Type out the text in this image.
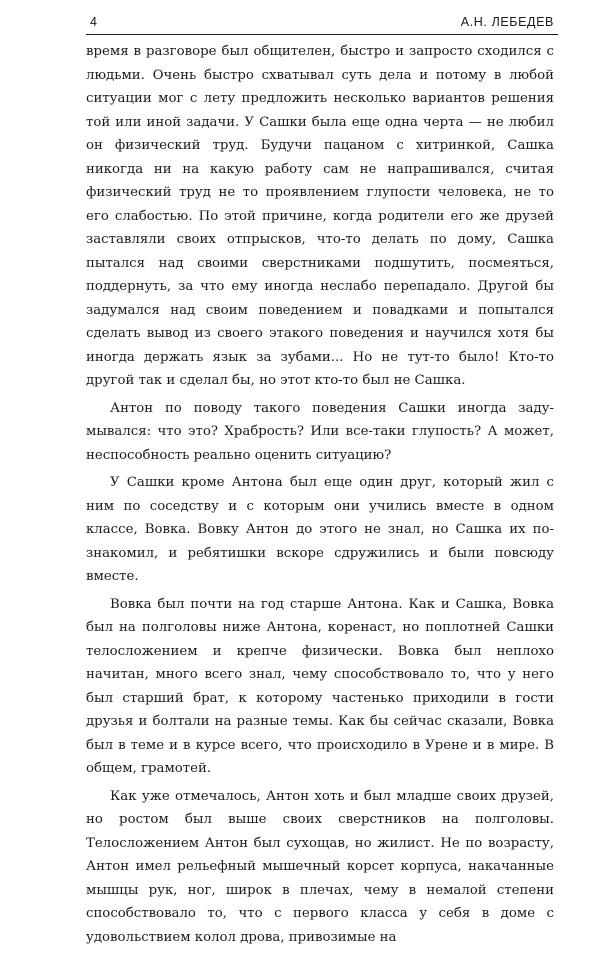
4	А.Н. ЛЕБЕДЕВ

время в разговоре был общителен, быстро и запросто сходился с людьми. Очень быстро схватывал суть дела и потому в любой ситуации мог с лету предложить несколько вариантов решения той или иной задачи. У Сашки была еще одна черта — не любил он физический труд. Будучи пацаном с хитринкой, Сашка никогда ни на какую работу сам не напрашивался, считая физический труд не то проявлением глупости человека, не то его слабостью. По этой причине, когда родители его же друзей заставляли своих отпрысков, что-то делать по дому, Сашка пытался над своими сверстниками подшутить, посмеяться, поддернуть, за что ему иногда неслабо перепадало. Другой бы задумался над своим поведением и повадками и попытался сделать вывод из своего этакого поведения и научился хотя бы иногда держать язык за зубами... Но не тут-то было! Кто-то другой так и сделал бы, но этот кто-то был не Сашка.

Антон по поводу такого поведения Сашки иногда задумывался: что это? Храбрость? Или все-таки глупость? А может, неспособность реально оценить ситуацию?

У Сашки кроме Антона был еще один друг, который жил с ним по соседству и с которым они учились вместе в одном классе, Вовка. Вовку Антон до этого не знал, но Сашка их познакомил, и ребятишки вскоре сдружились и были повсюду вместе.

Вовка был почти на год старше Антона. Как и Сашка, Вовка был на полголовы ниже Антона, коренаст, но поплотней Сашки телосложением и крепче физически. Вовка был неплохо начитан, много всего знал, чему способствовало то, что у него был старший брат, к которому частенько приходили в гости друзья и болтали на разные темы. Как бы сейчас сказали, Вовка был в теме и в курсе всего, что происходило в Урене и в мире. В общем, грамотей.

Как уже отмечалось, Антон хоть и был младше своих друзей, но ростом был выше своих сверстников на полголовы. Телосложением Антон был сухощав, но жилист. Не по возрасту, Антон имел рельефный мышечный корсет корпуса, накачанные мышцы рук, ног, широк в плечах, чему в немалой степени способствовало то, что с первого класса у себя в доме с удовольствием колол дрова, привозимые на
